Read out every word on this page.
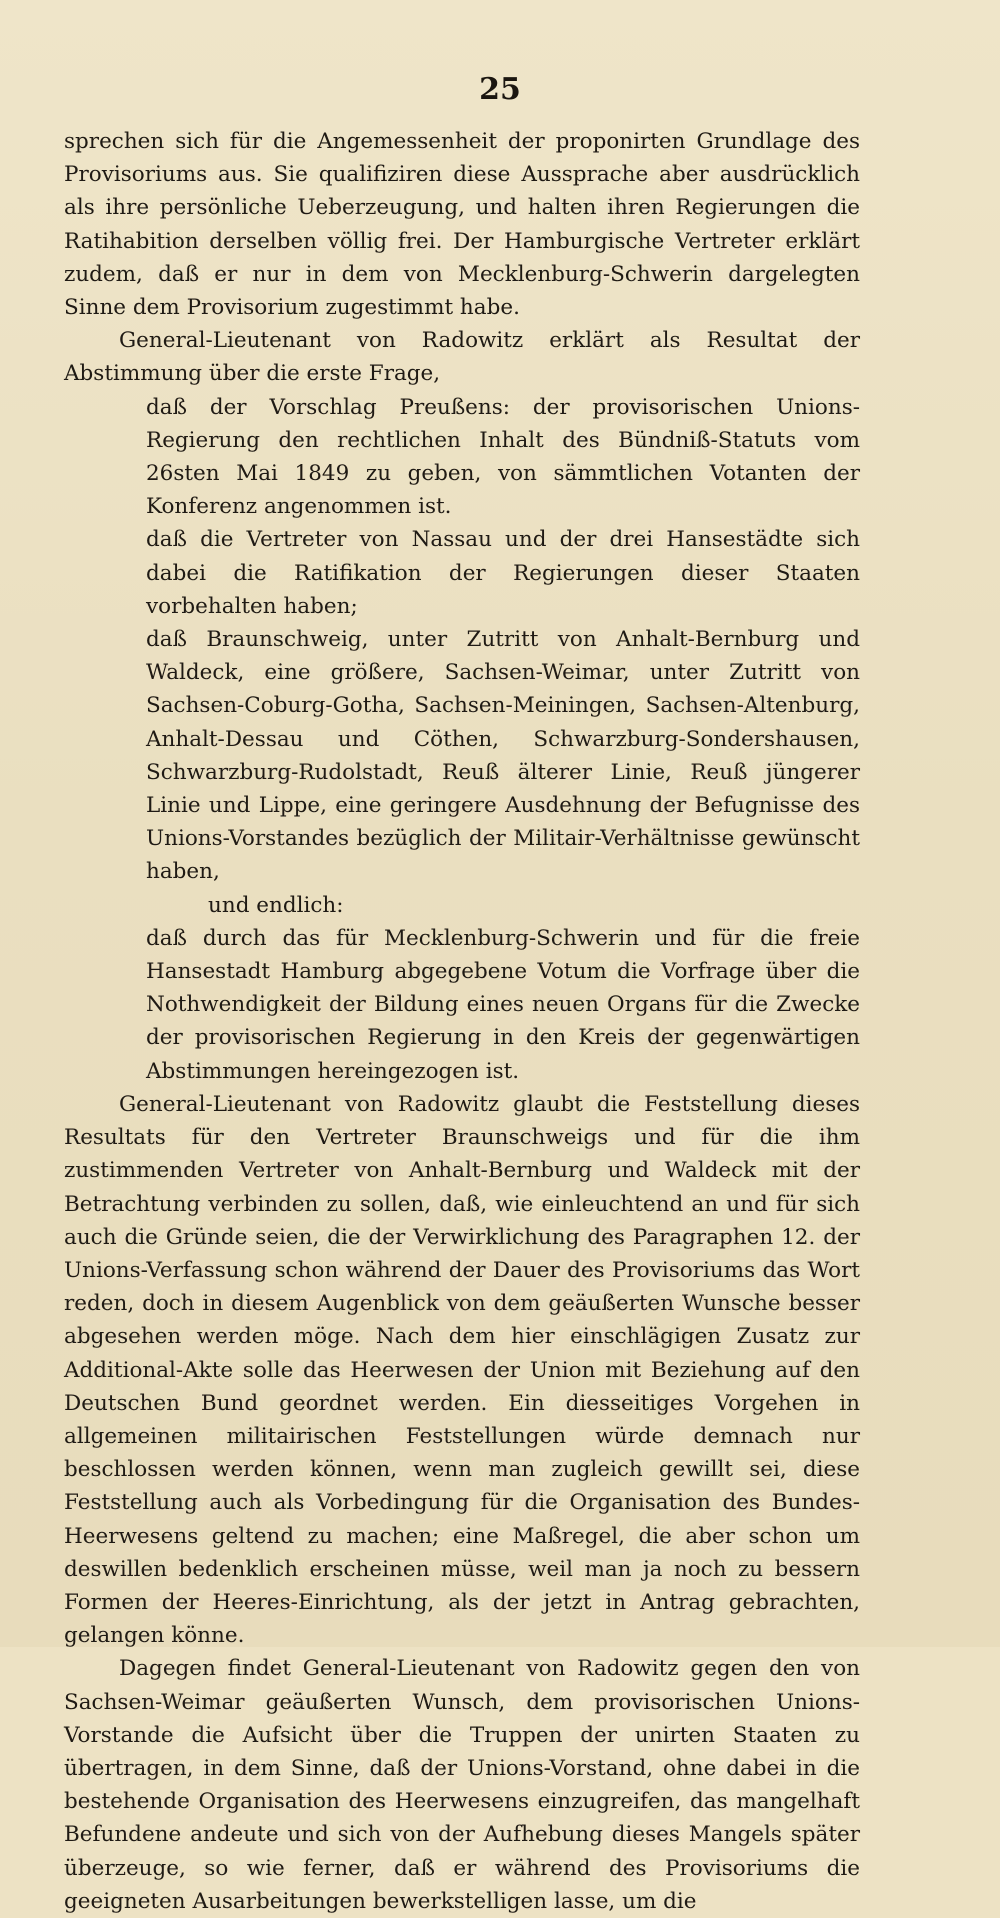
25

sprechen sich für die Angemessenheit der proponirten Grundlage des Provisoriums aus. Sie qualifiziren diese Aussprache aber ausdrücklich als ihre persönliche Ueberzeugung, und halten ihren Regierungen die Ratihabition derselben völlig frei. Der Hamburgische Vertreter erklärt zudem, daß er nur in dem von Mecklenburg-Schwerin dargelegten Sinne dem Provisorium zugestimmt habe.

General-Lieutenant von Radowitz erklärt als Resultat der Abstimmung über die erste Frage,

daß der Vorschlag Preußens: der provisorischen Unions-Regierung den rechtlichen Inhalt des Bündniß-Statuts vom 26sten Mai 1849 zu geben, von sämmtlichen Votanten der Konferenz angenommen ist.

daß die Vertreter von Nassau und der drei Hansestädte sich dabei die Ratifikation der Regierungen dieser Staaten vorbehalten haben;

daß Braunschweig, unter Zutritt von Anhalt-Bernburg und Waldeck, eine größere, Sachsen-Weimar, unter Zutritt von Sachsen-Coburg-Gotha, Sachsen-Meiningen, Sachsen-Altenburg, Anhalt-Dessau und Cöthen, Schwarzburg-Sondershausen, Schwarzburg-Rudolstadt, Reuß älterer Linie, Reuß jüngerer Linie und Lippe, eine geringere Ausdehnung der Befugnisse des Unions-Vorstandes bezüglich der Militair-Verhältnisse gewünscht haben,

und endlich:

daß durch das für Mecklenburg-Schwerin und für die freie Hansestadt Hamburg abgegebene Votum die Vorfrage über die Nothwendigkeit der Bildung eines neuen Organs für die Zwecke der provisorischen Regierung in den Kreis der gegenwärtigen Abstimmungen hereingezogen ist.

General-Lieutenant von Radowitz glaubt die Feststellung dieses Resultats für den Vertreter Braunschweigs und für die ihm zustimmenden Vertreter von Anhalt-Bernburg und Waldeck mit der Betrachtung verbinden zu sollen, daß, wie einleuchtend an und für sich auch die Gründe seien, die der Verwirklichung des Paragraphen 12. der Unions-Verfassung schon während der Dauer des Provisoriums das Wort reden, doch in diesem Augenblick von dem geäußerten Wunsche besser abgesehen werden möge. Nach dem hier einschlägigen Zusatz zur Additional-Akte solle das Heerwesen der Union mit Beziehung auf den Deutschen Bund geordnet werden. Ein diesseitiges Vorgehen in allgemeinen militairischen Feststellungen würde demnach nur beschlossen werden können, wenn man zugleich gewillt sei, diese Feststellung auch als Vorbedingung für die Organisation des Bundes-Heerwesens geltend zu machen; eine Maßregel, die aber schon um deswillen bedenklich erscheinen müsse, weil man ja noch zu bessern Formen der Heeres-Einrichtung, als der jetzt in Antrag gebrachten, gelangen könne.

Dagegen findet General-Lieutenant von Radowitz gegen den von Sachsen-Weimar geäußerten Wunsch, dem provisorischen Unions-Vorstande die Aufsicht über die Truppen der unirten Staaten zu übertragen, in dem Sinne, daß der Unions-Vorstand, ohne dabei in die bestehende Organisation des Heerwesens einzugreifen, das mangelhaft Befundene andeute und sich von der Aufhebung dieses Mangels später überzeuge, so wie ferner, daß er während des Provisoriums die geeigneten Ausarbeitungen bewerkstelligen lasse, um die
